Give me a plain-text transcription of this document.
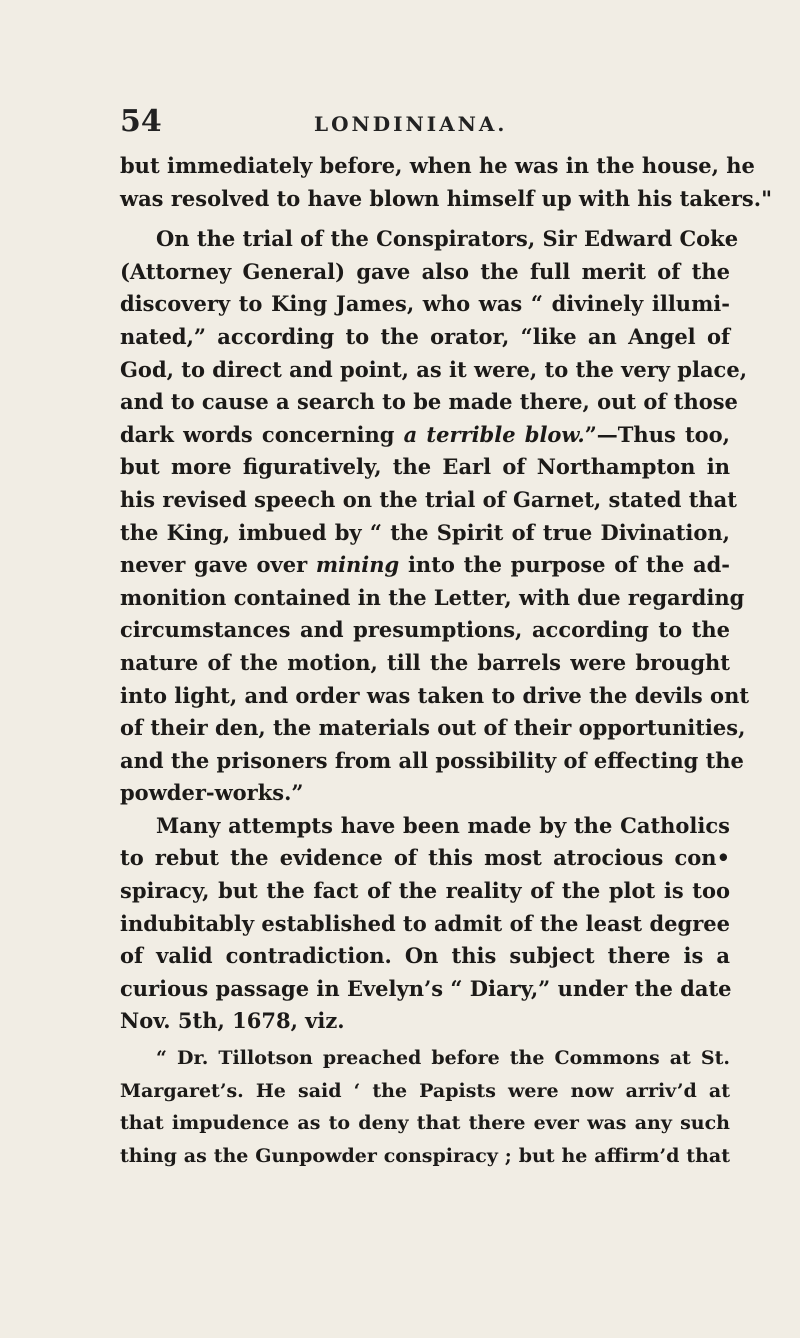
54	LONDINIANA.
but immediately before, when he was in the house, he
was resolved to have blown himself up with his takers."
On the trial of the Conspirators, Sir Edward Coke
(Attorney General) gave also the full merit of the
discovery to King James, who was “ divinely illumi-
nated,” according to the orator, “like an Angel of
God, to direct and point, as it were, to the very place,
and to cause a search to be made there, out of those
dark words concerning a terrible blow.”—Thus too,
but more figuratively, the Earl of Northampton in
his revised speech on the trial of Garnet, stated that
the King, imbued by “ the Spirit of true Divination,
never gave over mining into the purpose of the ad-
monition contained in the Letter, with due regarding
circumstances and presumptions, according to the
nature of the motion, till the barrels were brought
into light, and order was taken to drive the devils ont
of their den, the materials out of their opportunities,
and the prisoners from all possibility of effecting the
powder-works.”
Many attempts have been made by the Catholics
to rebut the evidence of this most atrocious con•
spiracy, but the fact of the reality of the plot is too
indubitably established to admit of the least degree
of valid contradiction. On this subject there is a
curious passage in Evelyn’s “ Diary,” under the date
Nov. 5th, 1678, viz.
“ Dr. Tillotson preached before the Commons at St.
Margaret’s. He said ‘ the Papists were now arriv’d at
that impudence as to deny that there ever was any such
thing as the Gunpowder conspiracy ; but he affirm’d that
